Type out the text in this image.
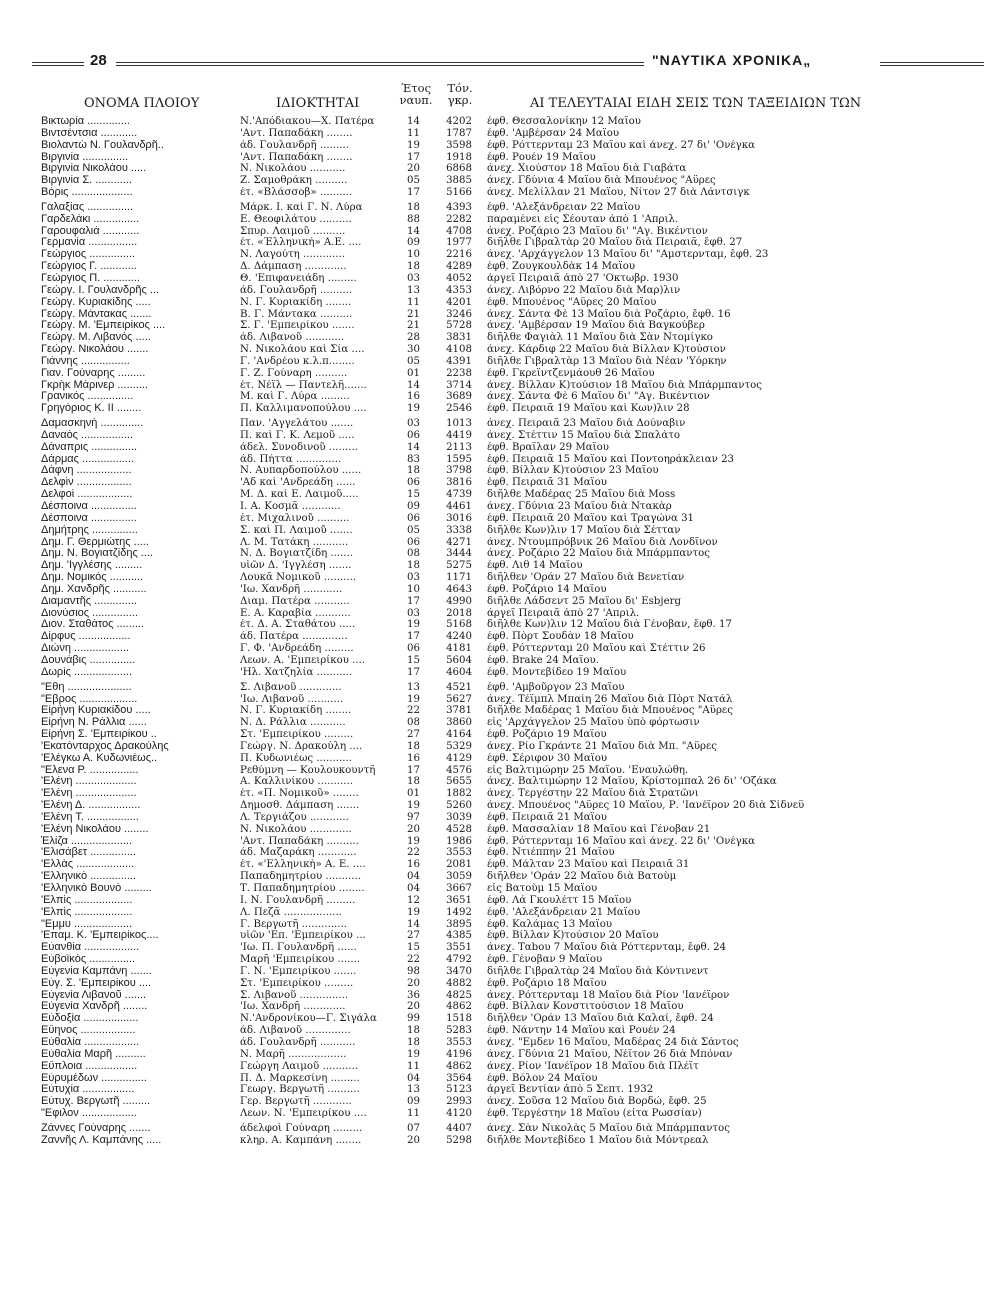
28	"ΝΑΥΤΙΚΑ ΧΡΟΝΙΚΑ„
ΟΝΟΜΑ ΠΛΟΙΟΥ	ΙΔΙΟΚΤΗΤΑΙ
Έτος
ναυπ.
Τόν.
γκρ.	ΑΙ ΤΕΛΕΥΤΑΙΑΙ ΕΙΔΗ ΣΕΙΣ ΤΩΝ ΤΑΞΕΙΔΙΩΝ ΤΩΝ
Βικτωρία ..............	Ν.'Απόδιακου—Χ. Πατέρα	14	4202 έφθ. Θεσσαλονίκην 12 Μαΐου
Βιντσέντσια ............	'Αντ. Παπαδάκη ........	11	1787 έφθ. 'Αμβέρσαν 24 Μαΐου
Βιολαντὼ Ν. Γουλανδρῆ..	άδ. Γουλανδρῆ .........	19	3598 έφθ. Ρόττερνταμ 23 Μαΐου καὶ άνεχ. 27 δι' 'Ονέγκα
Βιργινία ...............	'Αντ. Παπαδάκη ........	17	1918 έφθ. Ρουέν 19 Μαΐου
Βιργινία Νικολάου .....	Ν. Νικολάου ...........	20	6868 άνεχ. Χιούστον 18 Μαΐου διὰ Γιαβάτα
Βιργινία Σ. ............	Ζ. Σαμοθράκη ..........	05	3885 άνεχ. Γδύνια 4 Μαΐου διὰ Μπουένος "Αϋρες
Βόρις ....................	έτ. «Βλάσσοβ» ..........	17	5166 άνεχ. Μελίλλαν 21 Μαΐου, Νίτον 27 διὰ Λάντσιγκ
Γαλαξίας ...............	Μάρκ. Ι. καὶ Γ. Ν. Λύρα	18	4393 έφθ. 'Αλεξάνδρειαν 22 Μαΐου
Γαρδελάκι ...............	Ε. Θεοφιλάτου ..........	88	2282 παραμένει εἰς Σέουταν ἀπὸ 1 'Απριλ.
Γαρουφαλιά ............	Σπυρ. Λαιμοῦ ..........	14	4708 άνεχ. Ροζάριο 23 Μαΐου δι' "Αγ. Βικέντιον
Γερμανία ................	έτ. «Έλληνική» Α.Ε. ....	09	1977 διῆλθε Γιβραλτὰρ 20 Μαΐου διὰ Πειραιᾶ, ἔφθ. 27
Γεώργιος ...............	Ν. Λαγούτη .............	10	2216 άνεχ. 'Αρχάγγελον 13 Μαΐου δι' "Αμστερνταμ, ἔφθ. 23
Γεώργιος Γ. ............	Δ. Δάμπαση .............	18	4289 έφθ. Ζουγκουλδὰκ 14 Μαΐου
Γεώργιος Π. ............	Θ. 'Επιφανειάδη .........	03	4052 άργεῖ Πειραιᾶ ἀπὸ 27 'Οκτωβρ. 1930
Γεώργ. Ι. Γουλανδρῆς ...	άδ. Γουλανδρῆ ..........	13	4353 άνεχ. Λιβόρνο 22 Μαΐου διὰ Μαρ)λιν
Γεώργ. Κυριακίδης .....	Ν. Γ. Κυριακίδη ........	11	4201 έφθ. Μπουένος "Αϋρες 20 Μαΐου
Γεώργ. Μάντακας .......	Β. Γ. Μάντακα ..........	21	3246 άνεχ. Σάντα Φὲ 13 Μαΐου διὰ Ροζάριο, ἔφθ. 16
Γεώργ. Μ. 'Εμπειρίκος ....	Σ. Γ. 'Εμπειρίκου .......	21	5728 άνεχ. 'Αμβέρσαν 19 Μαΐου διὰ Βαγκούβερ
Γεώργ. Μ. Λιβανός .....	άδ. Λιβανοῦ ............	28	3831 διῆλθε Φαγιὰλ 11 Μαΐου διὰ Σὰν Ντομίγκο
Γεώργ. Νικολάου .......	Ν. Νικολάου καὶ Σία ....	30	4108 άνεχ. Κάρδιφ 22 Μαΐου διὰ Βίλλαν Κ)τούσιον
Γιάννης ................	Γ. 'Ανδρέου κ.λ.π........	05	4391 διῆλθε Γιβραλτὰρ 13 Μαΐου διὰ Νέαν 'Υόρκην
Γιαν. Γούναρης .........	Γ. Ζ. Γούναρη ..........	01	2238 έφθ. Γκρεϊντζενμάουθ 26 Μαΐου
Γκρὴκ Μάρινερ ..........	έτ. Νέϊλ — Παντελῆ.......	14	3714 άνεχ. Βίλλαν Κ)τούσιον 18 Μαΐου διὰ Μπάρμπαντος
Γρανικός ...............	Μ. καὶ Γ. Λύρα .........	16	3689 άνεχ. Σάντα Φὲ 6 Μαΐου δι' "Αγ. Βικέντιον
Γρηγόριος Κ. ΙΙ ........	Π. Καλλιμανοπούλου ....	19	2546 έφθ. Πειραιᾶ 19 Μαΐου καὶ Κων)λιν 28
Δαμασκηνὴ ..............	Παν. 'Αγγελάτου .......	03	1013 άνεχ. Πειραιᾶ 23 Μαΐου διὰ Δούναβιν
Δαναός .................	Π. καὶ Γ. Κ. Λεμοῦ .....	06	4419 άνεχ. Στέττιν 15 Μαΐου διὰ Σπαλάτο
Δάναπρις ...............	άδελ. Συνοδινοῦ .........	14	2113 έφθ. Βραΐλαν 29 Μαΐου
Δάρμας .................	άδ. Πήττα ..............	83	1595 έφθ. Πειραιᾶ 15 Μαΐου καὶ Ποντοηράκλειαν 23
Δάφνη ..................	Ν. Αυπαρδοπούλου ......	18	3798 έφθ. Βίλλαν Κ)τούσιον 23 Μαΐου
Δελφὶν ..................	'Αδ καὶ 'Ανδρεάδη ......	06	3816 έφθ. Πειραιᾶ 31 Μαΐου
Δελφοὶ ..................	Μ. Δ. καὶ Ε. Λαιμοῦ.....	15	4739 διῆλθε Μαδέρας 25 Μαΐου διὰ Moss
Δέσποινα ...............	Ι. Α. Κοσμᾶ ............	09	4461 άνεχ. Γδύνια 23 Μαΐου διὰ Ντακὰρ
Δέσποινα ...............	έτ. Μιχαλινοῦ ..........	06	3016 έφθ. Πειραιᾶ 20 Μαΐου καὶ Τραγώνα 31
Δημήτρης ...............	Σ. καὶ Π. Λαιμοῦ .......	05	3338 διῆλθε Κων)λιν 17 Μαΐου διὰ Σέτταν
Δημ. Γ. Θερμιώτης .....	Λ. Μ. Τατάκη ...........	06	4271 άνεχ. Ντουμπρόβνικ 26 Μαΐου διὰ Λονδῖνον
Δημ. Ν. Βογιατζίδης ....	Ν. Δ. Βογιατζίδη .......	08	3444 άνεχ. Ροζάριο 22 Μαΐου διὰ Μπάρμπαντος
Δημ. 'Ιγγλέσης .........	υἱῶν Δ. 'Ιγγλέση .......	18	5275 έφθ. Λιθ 14 Μαΐου
Δημ. Νομικός ...........	Λουκᾶ Νομικοῦ ..........	03	1171 διῆλθεν 'Οράν 27 Μαΐου διὰ Βενετίαν
Δημ. Χανδρῆς ...........	'Ιω. Χανδρῆ ............	10	4643 έφθ. Ροζάριο 14 Μαΐου
Διαμαντῆς ..............	Διαμ. Πατέρα ...........	17	4990 διῆλθε Λάδσεντ 25 Μαΐου δι' Esbjerg
Διονύσιος ...............	Ε. Α. Καραβία ...........	03	2018 άργεῖ Πειραιᾶ ἀπὸ 27 'Απριλ.
Διον. Σταθάτος .........	έτ. Δ. Α. Σταθάτου .....	19	5168 διῆλθε Κων)λιν 12 Μαΐου διὰ Γένοβαν, ἔφθ. 17
Δίρφυς .................	άδ. Πατέρα ..............	17	4240 έφθ. Πὸρτ Σουδὰν 18 Μαΐου
Διώνη ..................	Γ. Φ. 'Ανδρεάδη .........	06	4181 έφθ. Ρόττερνταμ 20 Μαΐου καὶ Στέττιν 26
Δουνάβις ...............	Λεων. Α. 'Εμπειρίκου ....	15	5604 έφθ. Brake 24 Μαΐου.
Δωρὶς ...................	'Ηλ. Χατζηλία ...........	17	4604 έφθ. Μοντεβίδεο 19 Μαΐου
"Εθη .....................	Σ. Λιβανοῦ .............	13	4521 έφθ. 'Αμβοῦργον 23 Μαΐου
"Εβρος ...................	'Ιω. Λιβανοῦ ...........	19	5627 άνεχ. Τέϊμπλ Μπαὶη 26 Μαΐου διὰ Πὸρτ Νατάλ
Εἰρήνη Κυριακίδου .....	Ν. Γ. Κυριακίδη ........	22	3781 διῆλθε Μαδέρας 1 Μαΐου διὰ Μπουένος "Αϋρες
Εἰρήνη Ν. Ράλλια ......	Ν. Δ. Ράλλια ...........	08	3860 εἰς 'Αρχάγγελον 25 Μαΐου ὑπὸ φόρτωσιν
Εἰρήνη Σ. 'Εμπειρίκου ..	Στ. 'Εμπειρίκου .........	27	4164 έφθ. Ροζάριο 19 Μαΐου
'Εκατόνταρχος Δρακούλης	Γεώργ. Ν. Δρακούλη ....	18	5329 άνεχ. Ρίο Γκράντε 21 Μαΐου διὰ Μπ. "Αϋρες
'Ελέγκω Α. Κυδωνιέως..	Π. Κυδωνιέως ...........	16	4129 έφθ. Σέριφον 30 Μαΐου
"Ελενα Ρ. ................	Ρεθύμνη — Κουλουκουντῆ	17	4576 εἰς Βαλτιμώρην 25 Μαΐου. 'Εναυλώθη.
'Ελένη ....................	Α. Καλλινίκου ...........	18	5655 άνεχ. Βαλτιμώρην 12 Μαΐου, Κρίστομπαλ 26 δι' 'Οζάκα
'Ελένη ....................	έτ. «Π. Νομικοῦ» ........	01	1882 άνεχ. Τεργέστην 22 Μαΐου διὰ Στρατῶνι
'Ελένη Δ. .................	Δημοσθ. Δάμπαση .......	19	5260 άνεχ. Μπουένος "Αϋρες 10 Μαΐου, Ρ. 'Ιανέϊρον 20 διὰ Σίδνεϋ
'Ελένη Τ. .................	Λ. Τεργιάζου ............	97	3039 έφθ. Πειραιᾶ 21 Μαΐου
'Ελένη Νικολάου ........	Ν. Νικολάου .............	20	4528 έφθ. Μασσαλίαν 18 Μαΐου καὶ Γένοβαν 21
Ἑλίζα ....................	'Αντ. Παπαδάκη ..........	19	1986 έφθ. Ρόττερνταμ 16 Μαΐου καὶ άνεχ. 22 δι' 'Ονέγκα
'Ελισάβετ ...............	άδ. Μαζαράκη ............	22	3553 έφθ. Ντιέππην 21 Μαΐου
'Ελλὰς ...................	έτ. «'Ελληνικὴ» Α. Ε. ....	16	2081 έφθ. Μάλταν 23 Μαΐου καὶ Πειραιᾶ 31
'Ελληνικὸ ...............	Παπαδημητρίου ...........	04	3059 διῆλθεν 'Οράν 22 Μαΐου διὰ Βατοὺμ
'Ελληνικὸ Βουνὸ .........	Τ. Παπαδημητρίου ........	04	3667 εἰς Βατοὺμ 15 Μαΐου
'Ελπὶς ...................	Ι. Ν. Γουλανδρῆ .........	12	3651 έφθ. Λά Γκουλέττ 15 Μαΐου
'Ελπὶς ...................	Λ. Πεζᾶ ..................	19	1492 έφθ. 'Αλεξάνδρειαν 21 Μαΐου
"Εμμυ ...................	Γ. Βεργωτῆ ..............	14	3895 έφθ. Καλάμας 13 Μαΐου
'Επαμ. Κ. 'Εμπειρίκος....	υἱῶν 'Επ. 'Εμπειρίκου ...	27	4385 έφθ. Βίλλαν Κ)τούσιον 20 Μαΐου
Εὐανθία ..................	'Ιω. Π. Γουλανδρῆ ......	15	3551 άνεχ. Ταbου 7 Μαΐου διὰ Ρόττερνταμ, ἔφθ. 24
Εὐβοϊκὸς ...............	Μαρῆ 'Εμπειρίκου .......	22	4792 έφθ. Γένοβαν 9 Μαΐου
Εὐγενία Καμπάνη .......	Γ. Ν. 'Εμπειρίκου .......	98	3470 διῆλθε Γιβραλτὰρ 24 Μαΐου διὰ Κόντινεντ
Εὐγ. Σ. 'Εμπειρίκου ....	Στ. 'Εμπειρίκου .........	20	4882 έφθ. Ροζάριο 18 Μαΐου
Εὐγενία Λιβανοῦ .......	Σ. Λιβανοῦ ...............	36	4825 άνεχ. Ρόττερνταμ 18 Μαΐου διὰ Ρίον 'Ιανέϊρον
Εὐγενία Χανδρῆ ........	'Ιω. Χανδρῆ .............	20	4862 έφθ. Βίλλαν Κονστιτούσιον 18 Μαΐου
Εὐδοξία ..................	Ν.'Ανδρονίκου—Γ. Σιγάλα	99	1518 διῆλθεν 'Οράν 13 Μαΐου διὰ Καλαί, ἔφθ. 24
Εὔηνος ..................	άδ. Λιβανοῦ ..............	18	5283 έφθ. Νάντην 14 Μαΐου καὶ Ρουέν 24
Εὐθαλία ..................	άδ. Γουλανδρῆ ...........	18	3553 άνεχ. "Εμδεν 16 Μαΐου, Μαδέρας 24 διὰ Σάντος
Εὐθαλία Μαρῆ ..........	Ν. Μαρῆ ..................	19	4196 άνεχ. Γδύνια 21 Μαΐου, Νέϊτον 26 διὰ Μπόναν
Εὔπλοια .................	Γεώργη Λαιμοῦ ...........	11	4862 άνεχ. Ρίον 'Ιανέϊρον 18 Μαΐου διὰ Πλέϊτ
Εὐρυμέδων ...............	Π. Δ. Μαρκεσίνη .........	04	3564 έφθ. Βόλον 24 Μαΐου
Εὐτυχία .................	Γεωργ. Βεργωτῆ ..........	13	5123 άργεῖ Βεντίαν ἀπὸ 5 Σεπτ. 1932
Εὐτυχ. Βεργωτῆ .........	Γερ. Βεργωτῆ ............	09	2993 άνεχ. Σοῦσα 12 Μαΐου διὰ Βορδώ, ἔφθ. 25
"Εφιλον ..................	Λεων. Ν. 'Εμπειρίκου ....	11	4120 έφθ. Τεργέστην 18 Μαΐου (εἶτα Ρωσσίαν)
Ζάννες Γούναρης .......	άδελφοὶ Γούναρη .........	07	4407 άνεχ. Σὰν Νικολὰς 5 Μαΐου διὰ Μπάρμπαντος
Ζαννῆς Λ. Καμπάνης .....	κληρ. Α. Καμπάνη ........	20	5298 διῆλθε Μοντεβίδεο 1 Μαΐου διὰ Μόντρεαλ
